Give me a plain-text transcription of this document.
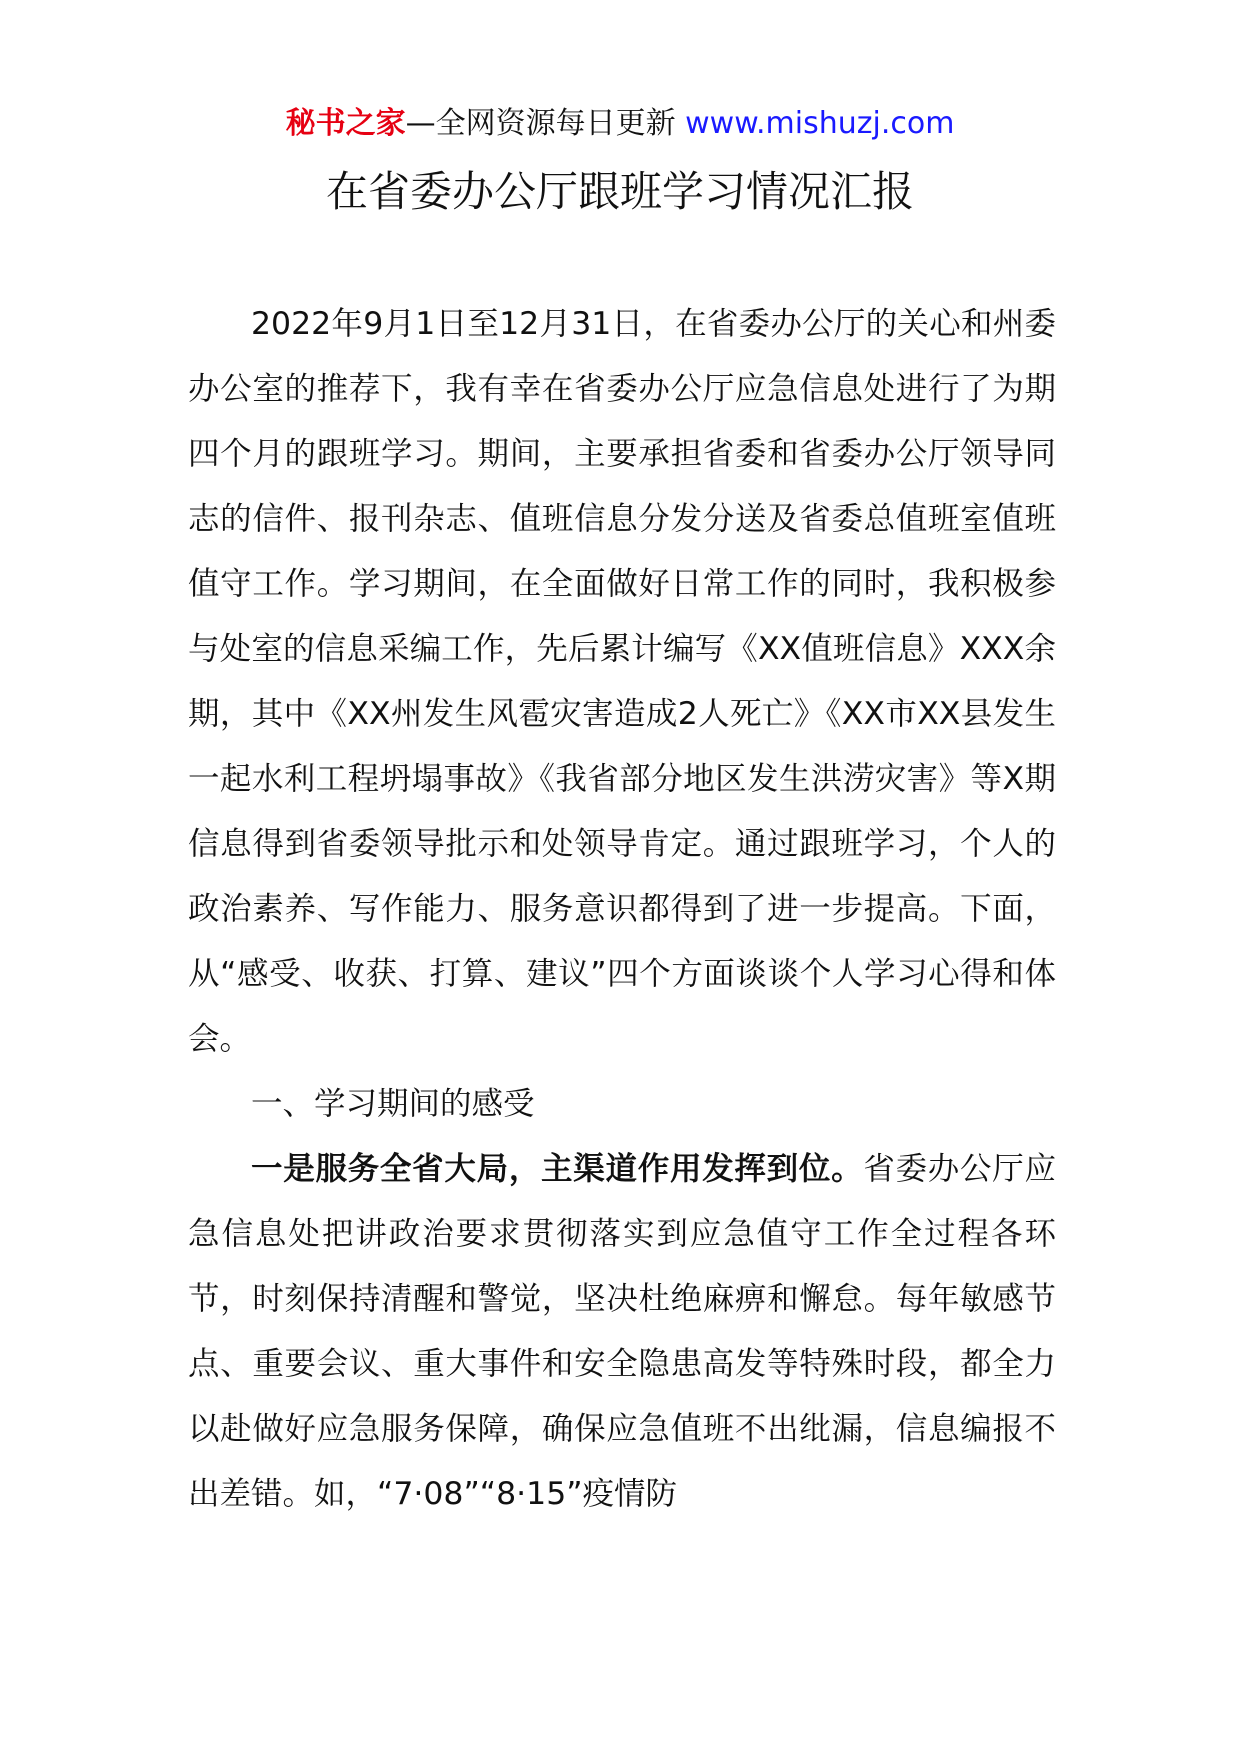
秘书之家—全网资源每日更新 www.mishuzj.com
在省委办公厅跟班学习情况汇报

2022年9月1日至12月31日，在省委办公厅的关心和州委办公室的推荐下，我有幸在省委办公厅应急信息处进行了为期四个月的跟班学习。期间，主要承担省委和省委办公厅领导同志的信件、报刊杂志、值班信息分发分送及省委总值班室值班值守工作。学习期间，在全面做好日常工作的同时，我积极参与处室的信息采编工作，先后累计编写《XX值班信息》XXX余期，其中《XX州发生风雹灾害造成2人死亡》《XX市XX县发生一起水利工程坍塌事故》《我省部分地区发生洪涝灾害》等X期信息得到省委领导批示和处领导肯定。通过跟班学习，个人的政治素养、写作能力、服务意识都得到了进一步提高。下面，从“感受、收获、打算、建议”四个方面谈谈个人学习心得和体会。

一、学习期间的感受

一是服务全省大局，主渠道作用发挥到位。省委办公厅应急信息处把讲政治要求贯彻落实到应急值守工作全过程各环节，时刻保持清醒和警觉，坚决杜绝麻痹和懈怠。每年敏感节点、重要会议、重大事件和安全隐患高发等特殊时段，都全力以赴做好应急服务保障，确保应急值班不出纰漏，信息编报不出差错。如，“7·08”“8·15”疫情防
